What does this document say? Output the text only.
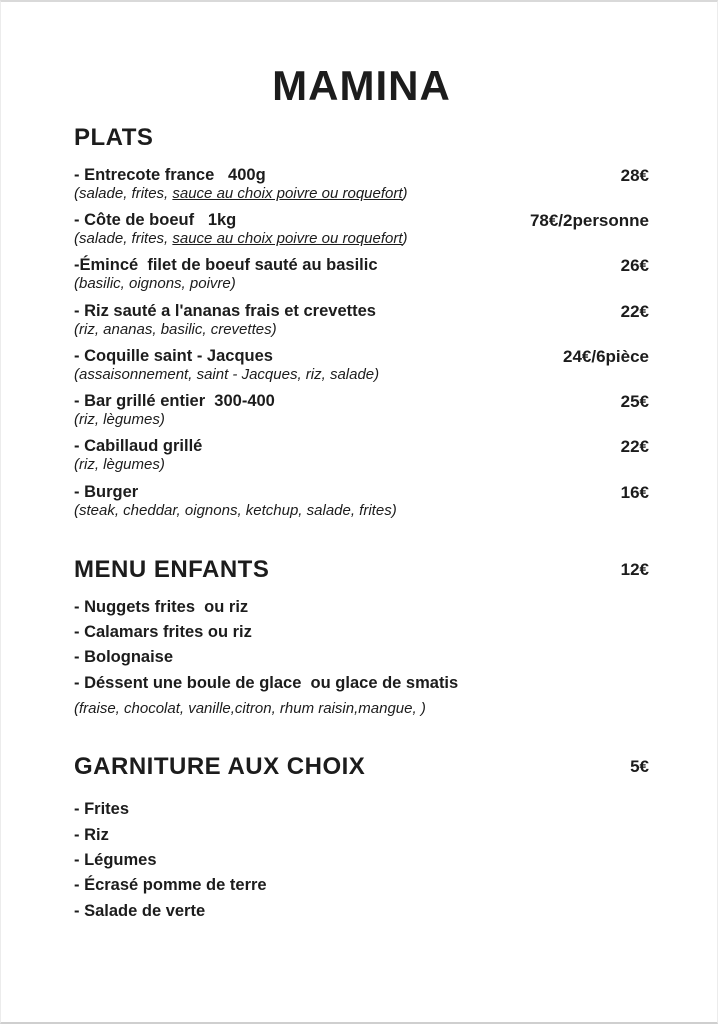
MAMINA
PLATS
- Entrecote france   400g
(salade, frites, sauce au choix poivre ou roquefort)
28€
- Côte de boeuf   1kg
(salade, frites, sauce au choix poivre ou roquefort)
78€/2personne
-Émincé  filet de boeuf sauté au basilic
(basilic, oignons, poivre)
26€
- Riz sauté a l'ananas frais et crevettes
(riz, ananas, basilic, crevettes)
22€
- Coquille saint - Jacques
(assaisonnement, saint - Jacques, riz, salade)
24€/6pièce
- Bar grillé entier  300-400
(riz, lègumes)
25€
- Cabillaud grillé
(riz, lègumes)
22€
- Burger
(steak, cheddar, oignons, ketchup, salade, frites)
16€
MENU ENFANTS	12€
- Nuggets frites  ou riz
- Calamars frites ou riz
- Bolognaise
- Déssent une boule de glace  ou glace de smatis
(fraise, chocolat, vanille,citron, rhum raisin,mangue, )
GARNITURE AUX CHOIX	5€
- Frites
- Riz
- Légumes
- Écrasé pomme de terre
- Salade de verte
